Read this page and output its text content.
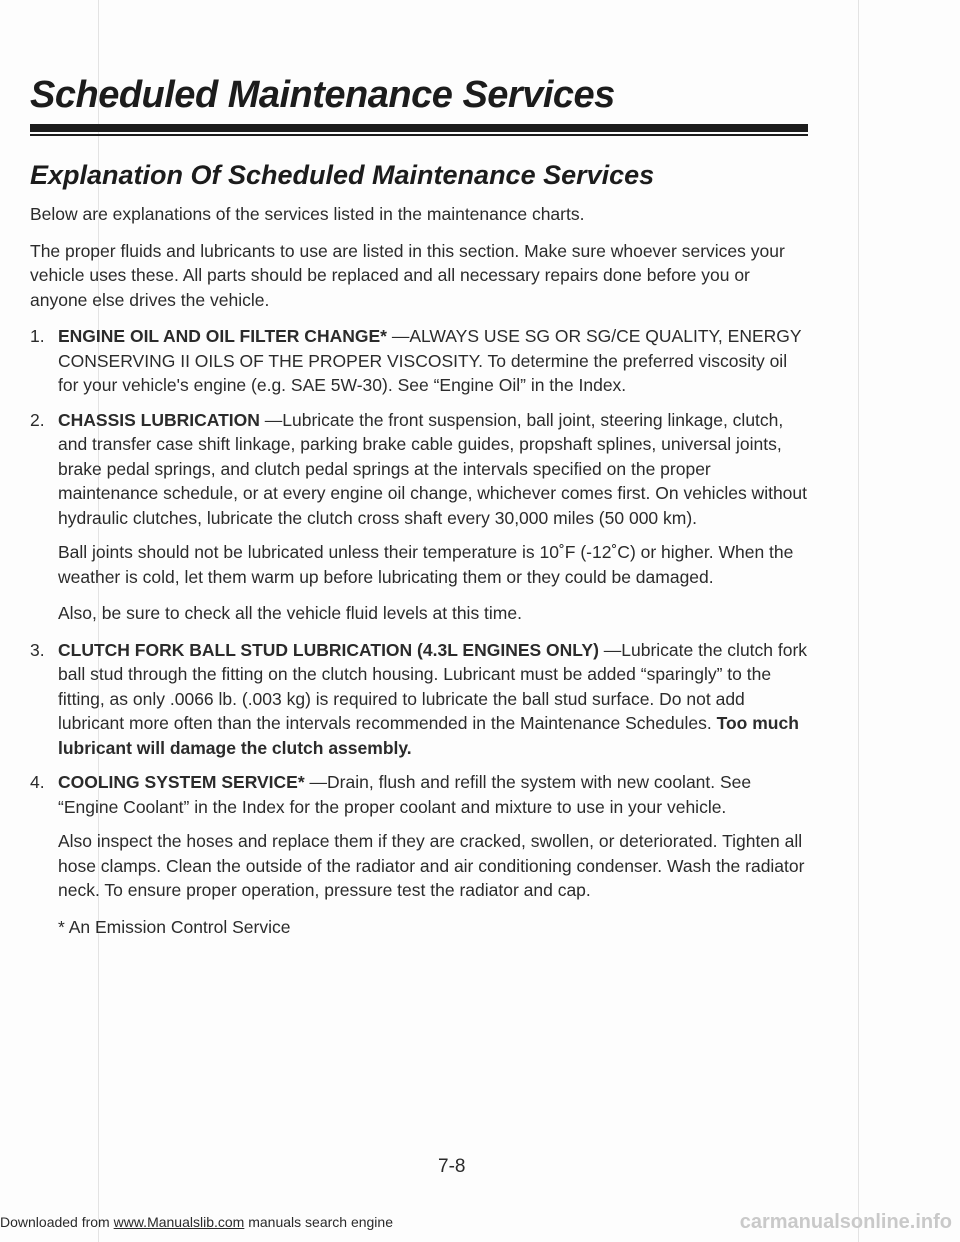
Scheduled Maintenance Services
Explanation Of Scheduled Maintenance Services

Below are explanations of the services listed in the maintenance charts.

The proper fluids and lubricants to use are listed in this section. Make sure whoever services your vehicle uses these. All parts should be replaced and all necessary repairs done before you or anyone else drives the vehicle.

1. ENGINE OIL AND OIL FILTER CHANGE* —ALWAYS USE SG OR SG/CE QUALITY, ENERGY CONSERVING II OILS OF THE PROPER VISCOSITY. To determine the preferred viscosity oil for your vehicle's engine (e.g. SAE 5W-30). See “Engine Oil” in the Index.
2. CHASSIS LUBRICATION —Lubricate the front suspension, ball joint, steering linkage, clutch, and transfer case shift linkage, parking brake cable guides, propshaft splines, universal joints, brake pedal springs, and clutch pedal springs at the intervals specified on the proper maintenance schedule, or at every engine oil change, whichever comes first. On vehicles without hydraulic clutches, lubricate the clutch cross shaft every 30,000 miles (50 000 km).

Ball joints should not be lubricated unless their temperature is 10˚F (-12˚C) or higher. When the weather is cold, let them warm up before lubricating them or they could be damaged.

Also, be sure to check all the vehicle fluid levels at this time.

3. CLUTCH FORK BALL STUD LUBRICATION (4.3L ENGINES ONLY) —Lubricate the clutch fork ball stud through the fitting on the clutch housing. Lubricant must be added “sparingly” to the fitting, as only .0066 lb. (.003 kg) is required to lubricate the ball stud surface. Do not add lubricant more often than the intervals recommended in the Maintenance Schedules. Too much lubricant will damage the clutch assembly.
4. COOLING SYSTEM SERVICE* —Drain, flush and refill the system with new coolant. See “Engine Coolant” in the Index for the proper coolant and mixture to use in your vehicle.

Also inspect the hoses and replace them if they are cracked, swollen, or deteriorated. Tighten all hose clamps. Clean the outside of the radiator and air conditioning condenser. Wash the radiator neck. To ensure proper operation, pressure test the radiator and cap.

* An Emission Control Service

7-8
Downloaded from www.Manualslib.com manuals search engine	carmanualsonline.info
